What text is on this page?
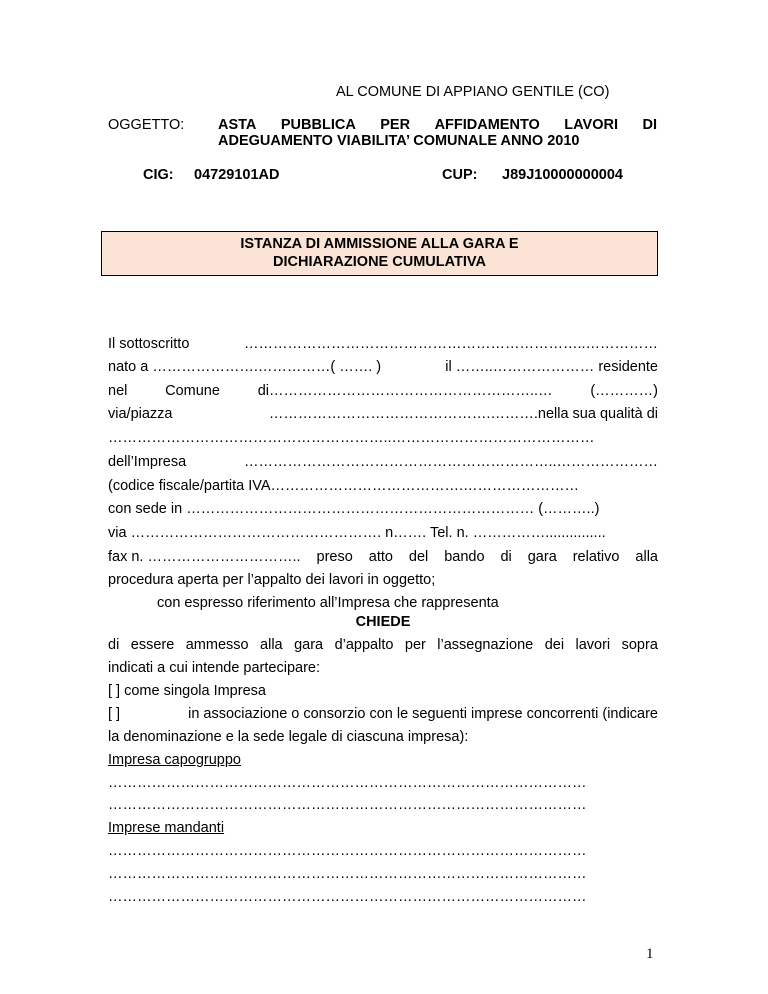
AL COMUNE DI APPIANO GENTILE (CO)
OGGETTO: ASTA PUBBLICA PER AFFIDAMENTO LAVORI DI
ADEGUAMENTO VIABILITA’ COMUNALE ANNO 2010
CIG: 04729101AD	CUP: J89J10000000004
ISTANZA DI AMMISSIONE ALLA GARA E
DICHIARAZIONE CUMULATIVA
Il sottoscritto	……………………………………………………………..……………
nato a ………………….……………( ……. )	il ……..………………… residente
nel	Comune	di………………………………………………..…	(…………)
via/piazza	……………………………………….……….nella sua qualità di
…………………………………………………..……………………………………
dell’Impresa	………………………………………………………..…………………
(codice fiscale/partita IVA………………………………….……………………
con sede in ……………………………………………………………… (………..)
via ……………………………………………. n……. Tel. n. ……………...............
fax n. ………………………….. preso atto del bando di gara relativo alla
procedura aperta per l’appalto dei lavori in oggetto;
con espresso riferimento all’Impresa che rappresenta
CHIEDE
di essere ammesso alla gara d’appalto per l’assegnazione dei lavori sopra
indicati a cui intende partecipare:
[ ] come singola Impresa
[ ]	in associazione o consorzio con le seguenti imprese concorrenti (indicare
la denominazione e la sede legale di ciascuna impresa):
Impresa capogruppo
………………………………………………………………………………………
………………………………………………………………………………………
Imprese mandanti
………………………………………………………………………………………
………………………………………………………………………………………
………………………………………………………………………………………
1
